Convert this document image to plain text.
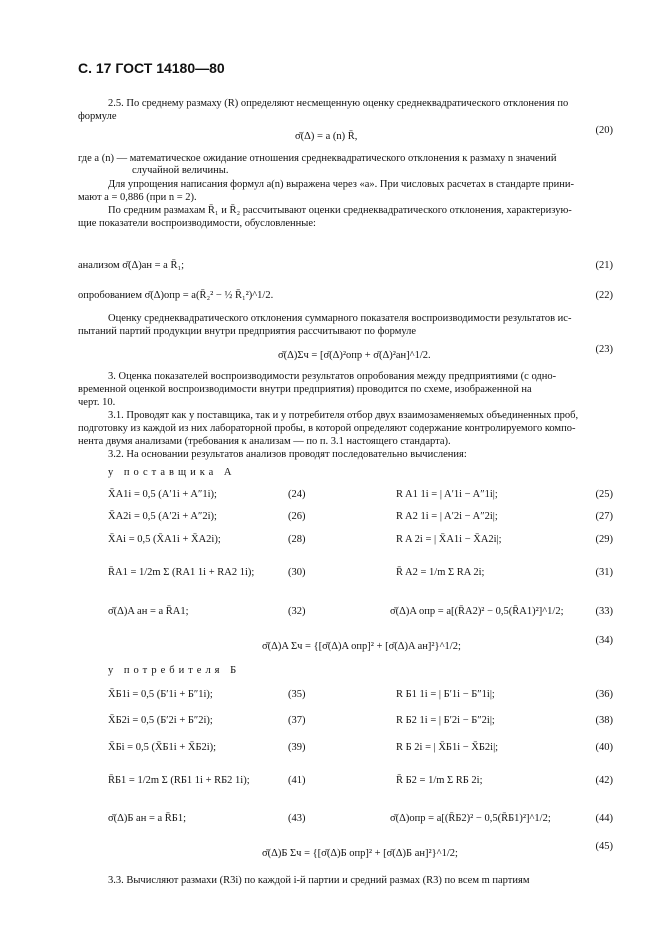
С. 17 ГОСТ 14180—80
2.5. По среднему размаху (R) определяют несмещенную оценку среднеквадратического отклонения по
формуле
σ̄(Δ) = a (n) R̄,
(20)
где a (n) — математическое ожидание отношения среднеквадратического отклонения к размаху n значений
случайной величины.
Для упрощения написания формул a(n) выражена через «a». При числовых расчетах в стандарте прини-
мают a = 0,886 (при n = 2).
По средним размахам R̄₁ и R̄₂ рассчитывают оценки среднеквадратического отклонения, характеризую-
щие показатели воспроизводимости, обусловленные:
анализом σ̄(Δ)ан = a R̄₁;	(21)
опробованием σ̄(Δ)опр = a(R̄₂² − ½ R̄₁²)^1/2.	(22)
Оценку среднеквадратического отклонения суммарного показателя воспроизводимости результатов ис-
пытаний партий продукции внутри предприятия рассчитывают по формуле
σ̄(Δ)Σч = [σ̄(Δ)²опр + σ̄(Δ)²ан]^1/2.
(23)
3. Оценка показателей воспроизводимости результатов опробования между предприятиями (с одно-
временной оценкой воспроизводимости внутри предприятия) проводится по схеме, изображенной на
черт. 10.
3.1. Проводят как у поставщика, так и у потребителя отбор двух взаимозаменяемых объединенных проб,
подготовку из каждой из них лабораторной пробы, в которой определяют содержание контролируемого компо-
нента двумя анализами (требования к анализам — по п. 3.1 настоящего стандарта).
3.2. На основании результатов анализов проводят последовательно вычисления:
у поставщика А
X̄A1i = 0,5 (A′1i + A″1i);	(24)	R A1 1i = | A′1i − A″1i|;	(25)
X̄A2i = 0,5 (A′2i + A″2i);	(26)	R A2 1i = | A′2i − A″2i|;	(27)
X̄Ai = 0,5 (X̄A1i + X̄A2i);	(28)	R A 2i = | X̄A1i − X̄A2i|;	(29)
R̄A1 = 1/2m Σ (RA1 1i + RA2 1i);	(30)	R̄ A2 = 1/m Σ RA 2i;	(31)
σ̄(Δ)A ан = a R̄A1;	(32)	σ̄(Δ)A опр = a[(R̄A2)² − 0,5(R̄A1)²]^1/2;	(33)
σ̄(Δ)A Σч = {[σ̄(Δ)A опр]² + [σ̄(Δ)A ан]²}^1/2;
(34)
у потребителя Б
X̄Б1i = 0,5 (Б′1i + Б″1i);	(35)	R Б1 1i = | Б′1i − Б″1i|;	(36)
X̄Б2i = 0,5 (Б′2i + Б″2i);	(37)	R Б2 1i = | Б′2i − Б″2i|;	(38)
X̄Бi = 0,5 (X̄Б1i + X̄Б2i);	(39)	R Б 2i = | X̄Б1i − X̄Б2i|;	(40)
R̄Б1 = 1/2m Σ (RБ1 1i + RБ2 1i);	(41)	R̄ Б2 = 1/m Σ RБ 2i;	(42)
σ̄(Δ)Б ан = a R̄Б1;	(43)	σ̄(Δ)опр = a[(R̄Б2)² − 0,5(R̄Б1)²]^1/2;	(44)
σ̄(Δ)Б Σч = {[σ̄(Δ)Б опр]² + [σ̄(Δ)Б ан]²}^1/2;
(45)
3.3. Вычисляют размахи (R3i) по каждой i-й партии и средний размах (R3) по всем m партиям
